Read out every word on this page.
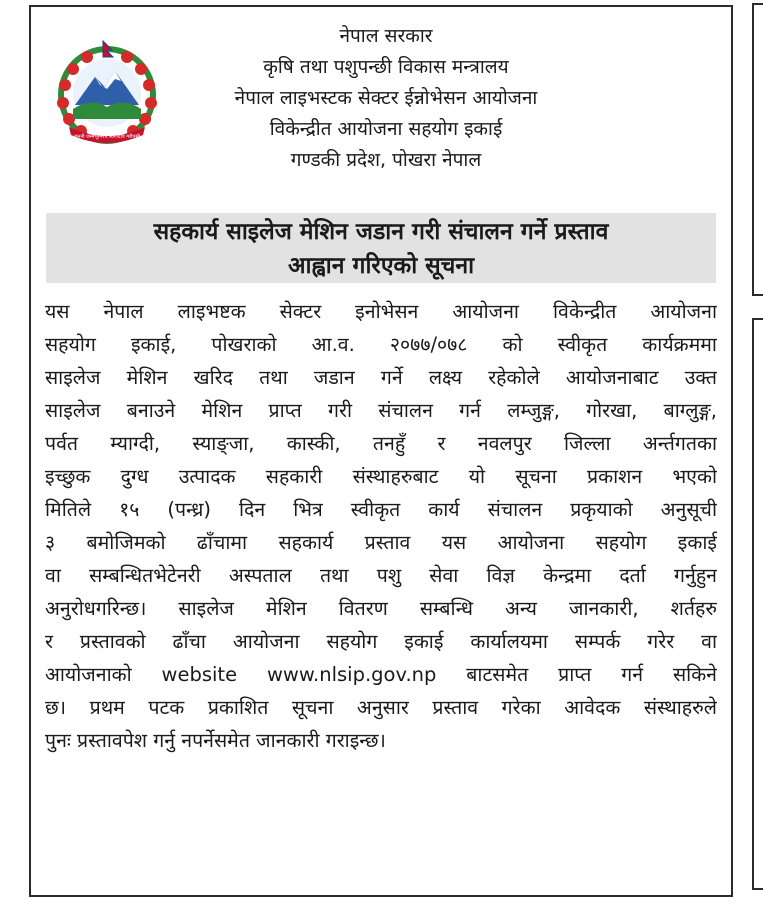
जननी जन्मभूमिश्च स्वर्गादपि गरीयसी
नेपाल सरकार
कृषि तथा पशुपन्छी विकास मन्त्रालय
नेपाल लाइभस्टक सेक्टर ईन्नोभेसन आयोजना
विकेन्द्रीत आयोजना सहयोग इकाई
गण्डकी प्रदेश, पोखरा नेपाल
सहकार्य साइलेज मेशिन जडान गरी संचालन गर्ने प्रस्ताव
आह्वान गरिएको सूचना
यस नेपाल लाइभष्टक सेक्टर इनोभेसन आयोजना विकेन्द्रीत आयोजना
सहयोग इकाई, पोखराको आ.व. २०७७/०७८ को स्वीकृत कार्यक्रममा
साइलेज मेशिन खरिद तथा जडान गर्ने लक्ष्य रहेकोले आयोजनाबाट उक्त
साइलेज बनाउने मेशिन प्राप्त गरी संचालन गर्न लम्जुङ्ग, गोरखा, बाग्लुङ्ग,
पर्वत म्याग्दी, स्याङ्जा, कास्की, तनहुँ र नवलपुर जिल्ला अर्न्तगतका
इच्छुक दुग्ध उत्पादक सहकारी संस्थाहरुबाट यो सूचना प्रकाशन भएको
मितिले १५ (पन्ध्र) दिन भित्र स्वीकृत कार्य संचालन प्रकृयाको अनुसूची
३ बमोजिमको ढाँचामा सहकार्य प्रस्ताव यस आयोजना सहयोग इकाई
वा सम्बन्धितभेटेनरी अस्पताल तथा पशु सेवा विज्ञ केन्द्रमा दर्ता गर्नुहुन
अनुरोधगरिन्छ। साइलेज मेशिन वितरण सम्बन्धि अन्य जानकारी, शर्तहरु
र प्रस्तावको ढाँचा आयोजना सहयोग इकाई कार्यालयमा सम्पर्क गरेर वा
आयोजनाको website www.nlsip.gov.np बाटसमेत प्राप्त गर्न सकिने
छ। प्रथम पटक प्रकाशित सूचना अनुसार प्रस्ताव गरेका आवेदक संस्थाहरुले
पुनः प्रस्तावपेश गर्नु नपर्नेसमेत जानकारी गराइन्छ।
